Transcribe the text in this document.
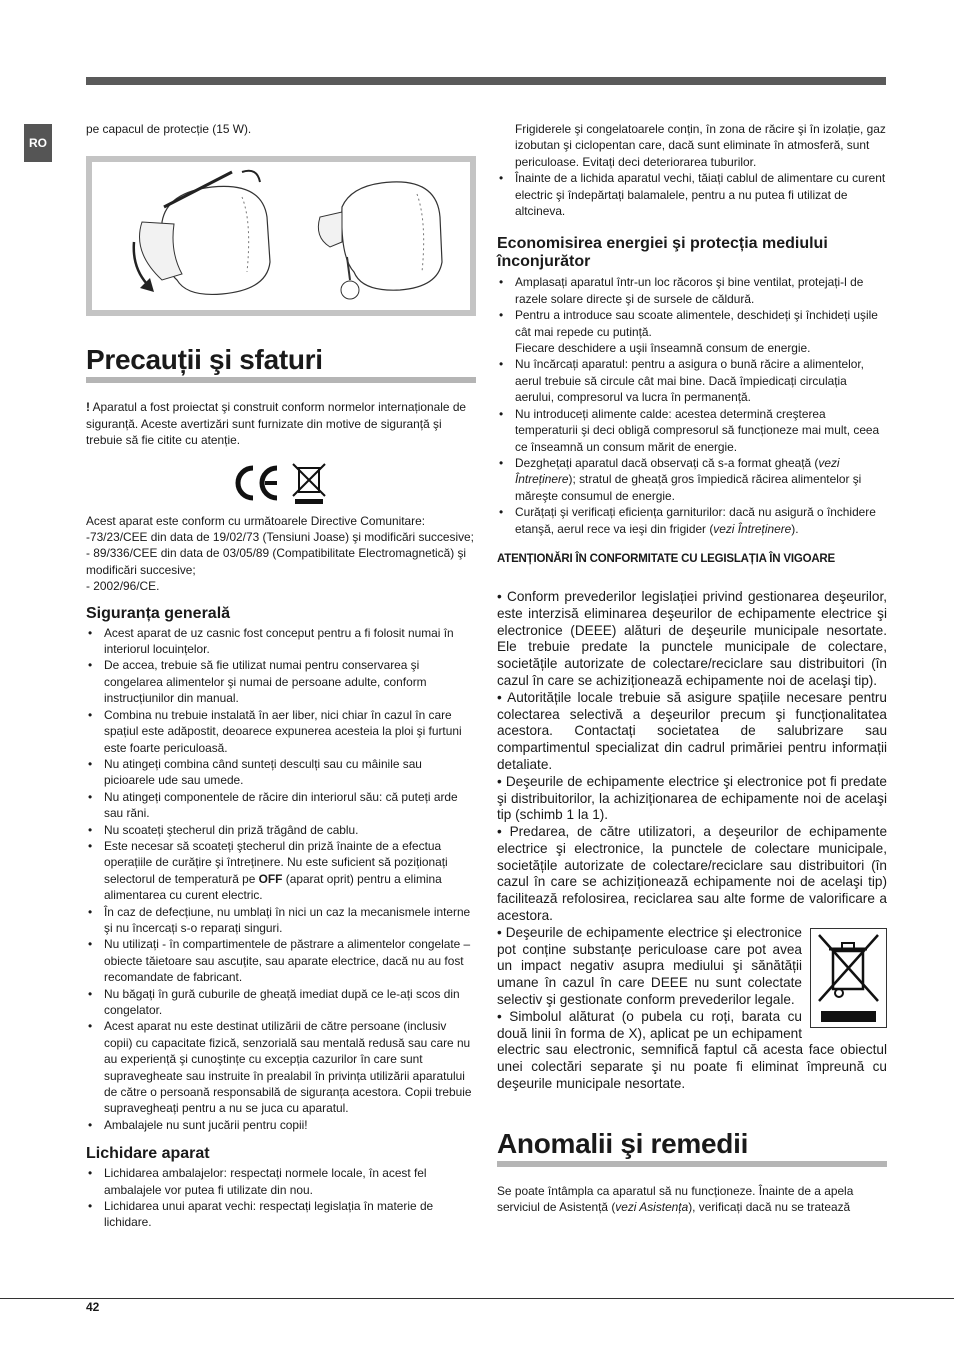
RO

pe capacul de protecție (15 W).

Precauții şi sfaturi

! Aparatul a fost proiectat şi construit conform normelor internaționale de siguranță. Aceste avertizări sunt furnizate din motive de siguranță şi trebuie să fie citite cu atenție.

Acest aparat este conform cu următoarele Directive Comunitare:

-73/23/CEE din data de 19/02/73 (Tensiuni Joase) şi modificări succesive;

- 89/336/CEE din data de 03/05/89 (Compatibilitate Electromagnetică) şi modificări succesive;

- 2002/96/CE.

Siguranța generală
• Acest aparat de uz casnic fost conceput pentru a fi folosit numai în interiorul locuințelor.
• De accea, trebuie să fie utilizat numai pentru conservarea şi congelarea alimentelor şi numai de persoane adulte, conform instrucțiunilor din manual.
• Combina nu trebuie instalată în aer liber, nici chiar în cazul în care spațiul este adăpostit, deoarece expunerea acesteia la ploi şi furtuni este foarte periculoasă.
• Nu atingeți combina când sunteți desculți sau cu mâinile sau picioarele ude sau umede.
• Nu atingeți componentele de răcire din interiorul său: că puteți arde sau răni.
• Nu scoateți ştecherul din priză trăgând de cablu.
• Este necesar să scoateți ştecherul din priză înainte de a efectua operațiile de curățire şi întreținere. Nu este suficient să poziționați selectorul de temperatură pe OFF (aparat oprit) pentru a elimina alimentarea cu curent electric.
• În caz de defecțiune, nu umblați în nici un caz la mecanismele interne şi nu încercați s-o reparați singuri.
• Nu utilizați - în compartimentele de păstrare a alimentelor congelate – obiecte tăietoare sau ascuțite, sau aparate electrice, dacă nu au fost recomandate de fabricant.
• Nu băgați în gură cuburile de gheață imediat după ce le-ați scos din congelator.
• Acest aparat nu este destinat utilizării de către persoane (inclusiv copii) cu capacitate fizică, senzorială sau mentală redusă sau care nu au experiență şi cunoştințe cu excepția cazurilor în care sunt supravegheate sau instruite în prealabil în privința utilizării aparatului de către o persoană responsabilă de siguranța acestora. Copii trebuie supravegheați pentru a nu se juca cu aparatul.
• Ambalajele nu sunt jucării pentru copii!
Lichidare aparat
• Lichidarea ambalajelor: respectați normele locale, în acest fel ambalajele vor putea fi utilizate din nou.
• Lichidarea unui aparat vechi: respectați legislația în materie de lichidare.

Frigiderele şi congelatoarele conțin, în zona de răcire şi în izolație, gaz izobutan şi ciclopentan care, dacă sunt eliminate în atmosferă, sunt periculoase. Evitați deci deteriorarea tuburilor.

• Înainte de a lichida aparatul vechi, tăiați cablul de alimentare cu curent electric şi îndepărtați balamalele, pentru a nu putea fi utilizat de altcineva.
Economisirea energiei şi protecția mediului înconjurător
• Amplasați aparatul într-un loc răcoros şi bine ventilat, protejați-l de razele solare directe şi de sursele de căldură.
• Pentru a introduce sau scoate alimentele, deschideți şi închideți uşile cât mai repede cu putință.
Fiecare deschidere a uşii înseamnă consum de energie.
• Nu încărcați aparatul: pentru a asigura o bună răcire a alimentelor, aerul trebuie să circule cât mai bine. Dacă împiedicați circulația aerului, compresorul va lucra în permanență.
• Nu introduceți alimente calde: acestea determină creşterea temperaturii şi deci obligă compresorul să funcționeze mai mult, ceea ce înseamnă un consum mărit de energie.
• Dezghețați aparatul dacă observați că s-a format gheață (vezi Întreținere); stratul de gheață gros împiedică răcirea alimentelor şi măreşte consumul de energie.
• Curățați şi verificați eficiența garniturilor: dacă nu asigură o închidere etanşă, aerul rece va ieşi din frigider (vezi Întreținere).
ATENȚIONĂRI ÎN CONFORMITATE CU LEGISLAȚIA ÎN VIGOARE

• Conform prevederilor legislației privind gestionarea deşeurilor, este interzisă eliminarea deşeurilor de echipamente electrice şi electronice (DEEE) alături de deşeurile municipale nesortate. Ele trebuie predate la punctele municipale de colectare, societățile autorizate de colectare/reciclare sau distribuitori (în cazul în care se achiziționează echipamente noi de acelaşi tip).

• Autoritățile locale trebuie să asigure spațiile necesare pentru colectarea selectivă a deşeurilor precum şi funcționalitatea acestora. Contactați societatea de salubrizare sau compartimentul specializat din cadrul primăriei pentru informații detaliate.

• Deşeurile de echipamente electrice şi electronice pot fi predate şi distribuitorilor, la achiziționarea de echipamente noi de acelaşi tip (schimb 1 la 1).

• Predarea, de către utilizatori, a deşeurilor de echipamente electrice şi electronice, la punctele de colectare municipale, societățile autorizate de colectare/reciclare sau distribuitori (în cazul în care se achiziționează echipamente noi de acelaşi tip) facilitează refolosirea, reciclarea sau alte forme de valorificare a acestora.

• Deşeurile de echipamente electrice şi electronice pot conține substanțe periculoase care pot avea un impact negativ asupra mediului şi sănătății umane în cazul în care DEEE nu sunt colectate selectiv şi gestionate conform prevederilor legale.

• Simbolul alăturat (o pubela cu roți, barata cu două linii în forma de X), aplicat pe un echipament electric sau electronic, semnifică faptul că acesta face obiectul unei colectări separate şi nu poate fi eliminat împreună cu deşeurile municipale nesortate.

Anomalii şi remedii

Se poate întâmpla ca aparatul să nu funcționeze. Înainte de a apela serviciul de Asistență (vezi Asistența), verificați dacă nu se tratează

42
